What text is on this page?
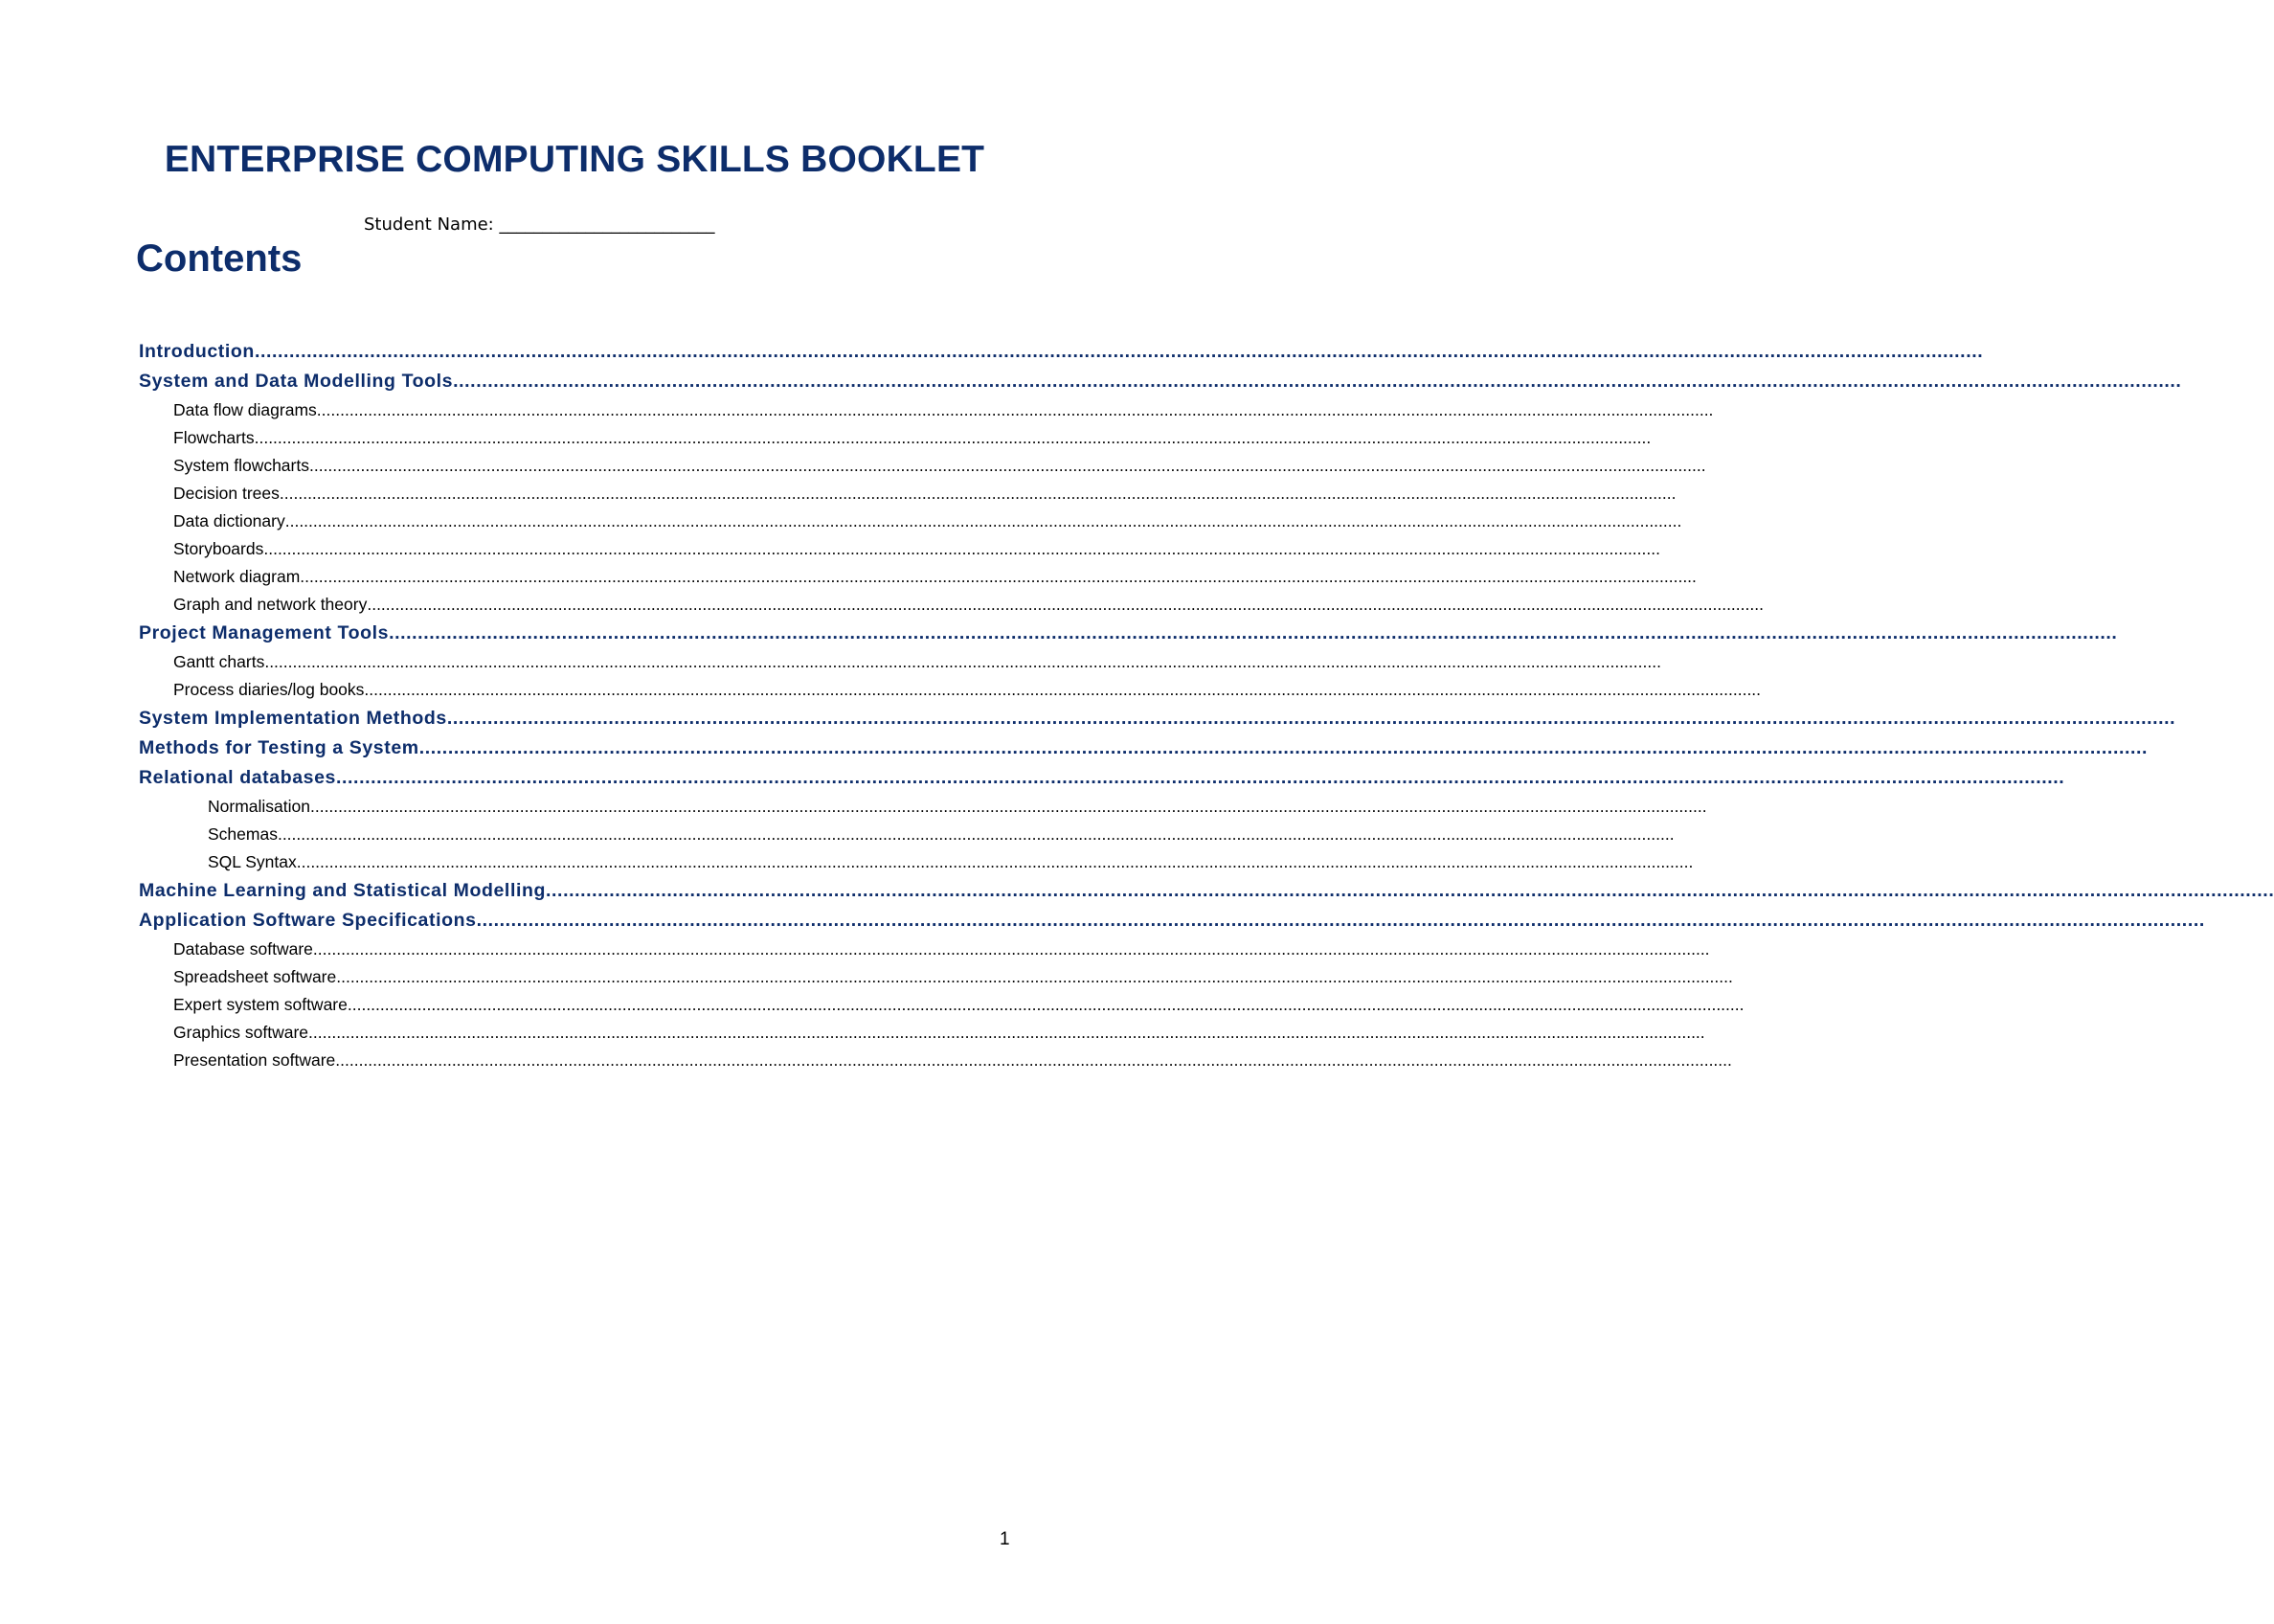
ENTERPRISE COMPUTING SKILLS BOOKLET
Student Name: _________________________
Contents
Introduction............................................................................................................................................................................................................................................................................................................
System and Data Modelling Tools............................................................................................................................................................................................................................................................................................................
Data flow diagrams............................................................................................................................................................................................................................................................................................................
Flowcharts............................................................................................................................................................................................................................................................................................................
System flowcharts............................................................................................................................................................................................................................................................................................................
Decision trees............................................................................................................................................................................................................................................................................................................
Data dictionary............................................................................................................................................................................................................................................................................................................
Storyboards............................................................................................................................................................................................................................................................................................................
Network diagram............................................................................................................................................................................................................................................................................................................
Graph and network theory............................................................................................................................................................................................................................................................................................................
Project Management Tools............................................................................................................................................................................................................................................................................................................
Gantt charts............................................................................................................................................................................................................................................................................................................
Process diaries/log books............................................................................................................................................................................................................................................................................................................
System Implementation Methods............................................................................................................................................................................................................................................................................................................
Methods for Testing a System............................................................................................................................................................................................................................................................................................................
Relational databases............................................................................................................................................................................................................................................................................................................
Normalisation............................................................................................................................................................................................................................................................................................................
Schemas............................................................................................................................................................................................................................................................................................................
SQL Syntax............................................................................................................................................................................................................................................................................................................
Machine Learning and Statistical Modelling............................................................................................................................................................................................................................................................................................................
Application Software Specifications............................................................................................................................................................................................................................................................................................................
Database software............................................................................................................................................................................................................................................................................................................
Spreadsheet software............................................................................................................................................................................................................................................................................................................
Expert system software............................................................................................................................................................................................................................................................................................................
Graphics software............................................................................................................................................................................................................................................................................................................
Presentation software............................................................................................................................................................................................................................................................................................................
1
